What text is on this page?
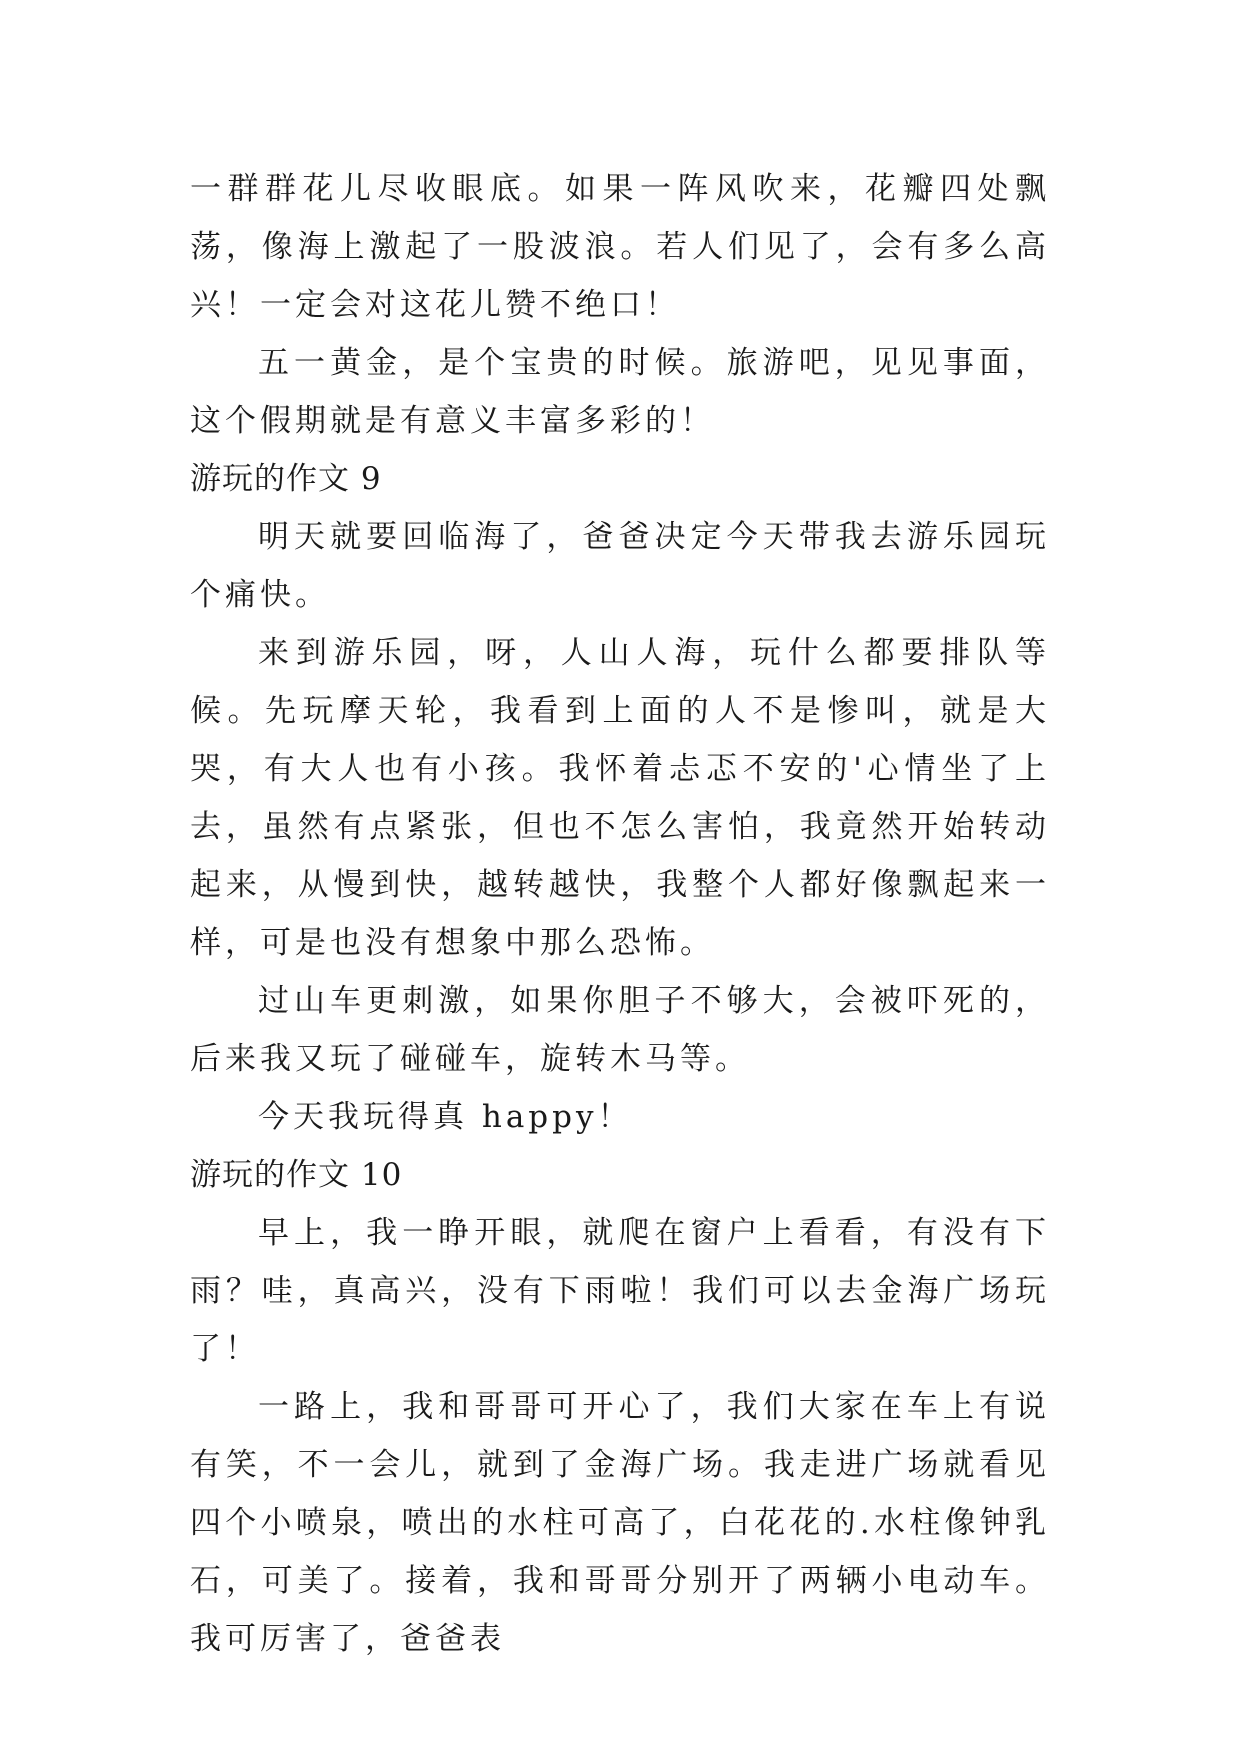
一群群花儿尽收眼底。如果一阵风吹来，花瓣四处飘荡，像海上激起了一股波浪。若人们见了，会有多么高兴！一定会对这花儿赞不绝口！

五一黄金，是个宝贵的时候。旅游吧，见见事面，这个假期就是有意义丰富多彩的！

游玩的作文 9

明天就要回临海了，爸爸决定今天带我去游乐园玩个痛快。

来到游乐园，呀，人山人海，玩什么都要排队等候。先玩摩天轮，我看到上面的人不是惨叫，就是大哭，有大人也有小孩。我怀着忐忑不安的'心情坐了上去，虽然有点紧张，但也不怎么害怕，我竟然开始转动起来，从慢到快，越转越快，我整个人都好像飘起来一样，可是也没有想象中那么恐怖。

过山车更刺激，如果你胆子不够大，会被吓死的，后来我又玩了碰碰车，旋转木马等。

今天我玩得真 happy！

游玩的作文 10

早上，我一睁开眼，就爬在窗户上看看，有没有下雨？哇，真高兴，没有下雨啦！我们可以去金海广场玩了！

一路上，我和哥哥可开心了，我们大家在车上有说有笑，不一会儿，就到了金海广场。我走进广场就看见四个小喷泉，喷出的水柱可高了，白花花的.水柱像钟乳石，可美了。接着，我和哥哥分别开了两辆小电动车。我可厉害了，爸爸表
